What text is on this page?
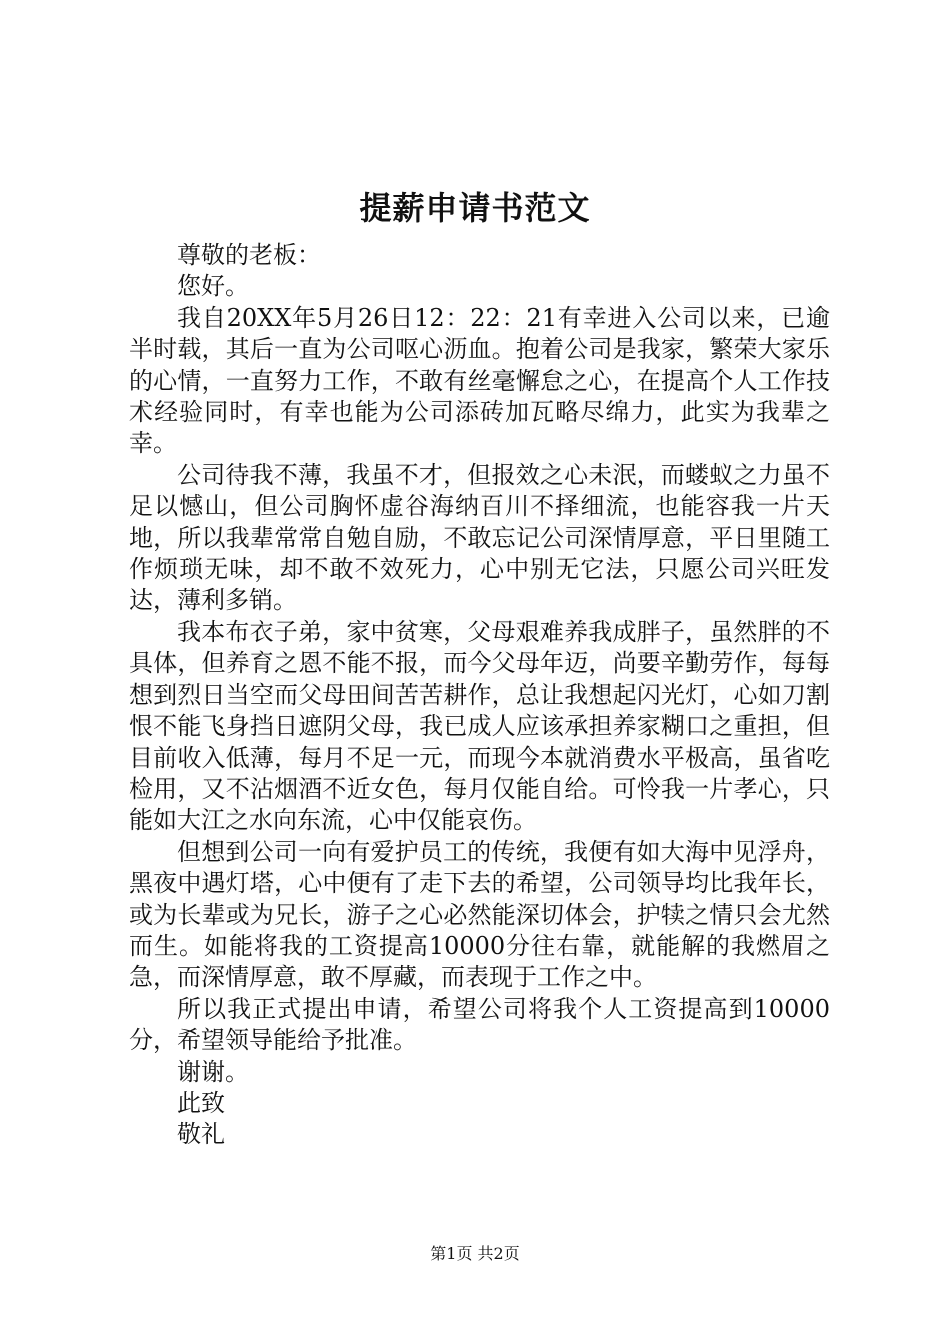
提薪申请书范文

尊敬的老板：

您好。

我自20XX年5月26日12：22：21有幸进入公司以来，已逾半时载，其后一直为公司呕心沥血。抱着公司是我家，繁荣大家乐的心情，一直努力工作，不敢有丝毫懈怠之心，在提高个人工作技术经验同时，有幸也能为公司添砖加瓦略尽绵力，此实为我辈之幸。

公司待我不薄，我虽不才，但报效之心未泯，而蝼蚁之力虽不足以憾山，但公司胸怀虚谷海纳百川不择细流，也能容我一片天地，所以我辈常常自勉自励，不敢忘记公司深情厚意，平日里随工作烦琐无味，却不敢不效死力，心中别无它法，只愿公司兴旺发达，薄利多销。

我本布衣子弟，家中贫寒，父母艰难养我成胖子，虽然胖的不具体，但养育之恩不能不报，而今父母年迈，尚要辛勤劳作，每每想到烈日当空而父母田间苦苦耕作，总让我想起闪光灯，心如刀割恨不能飞身挡日遮阴父母，我已成人应该承担养家糊口之重担，但目前收入低薄，每月不足一元，而现今本就消费水平极高，虽省吃检用，又不沾烟酒不近女色，每月仅能自给。可怜我一片孝心，只能如大江之水向东流，心中仅能哀伤。

但想到公司一向有爱护员工的传统，我便有如大海中见浮舟，黑夜中遇灯塔，心中便有了走下去的希望，公司领导均比我年长，或为长辈或为兄长，游子之心必然能深切体会，护犊之情只会尤然而生。如能将我的工资提高10000分往右靠，就能解的我燃眉之急，而深情厚意，敢不厚藏，而表现于工作之中。

所以我正式提出申请，希望公司将我个人工资提高到10000分，希望领导能给予批准。

谢谢。

此致

敬礼

第1页 共2页
